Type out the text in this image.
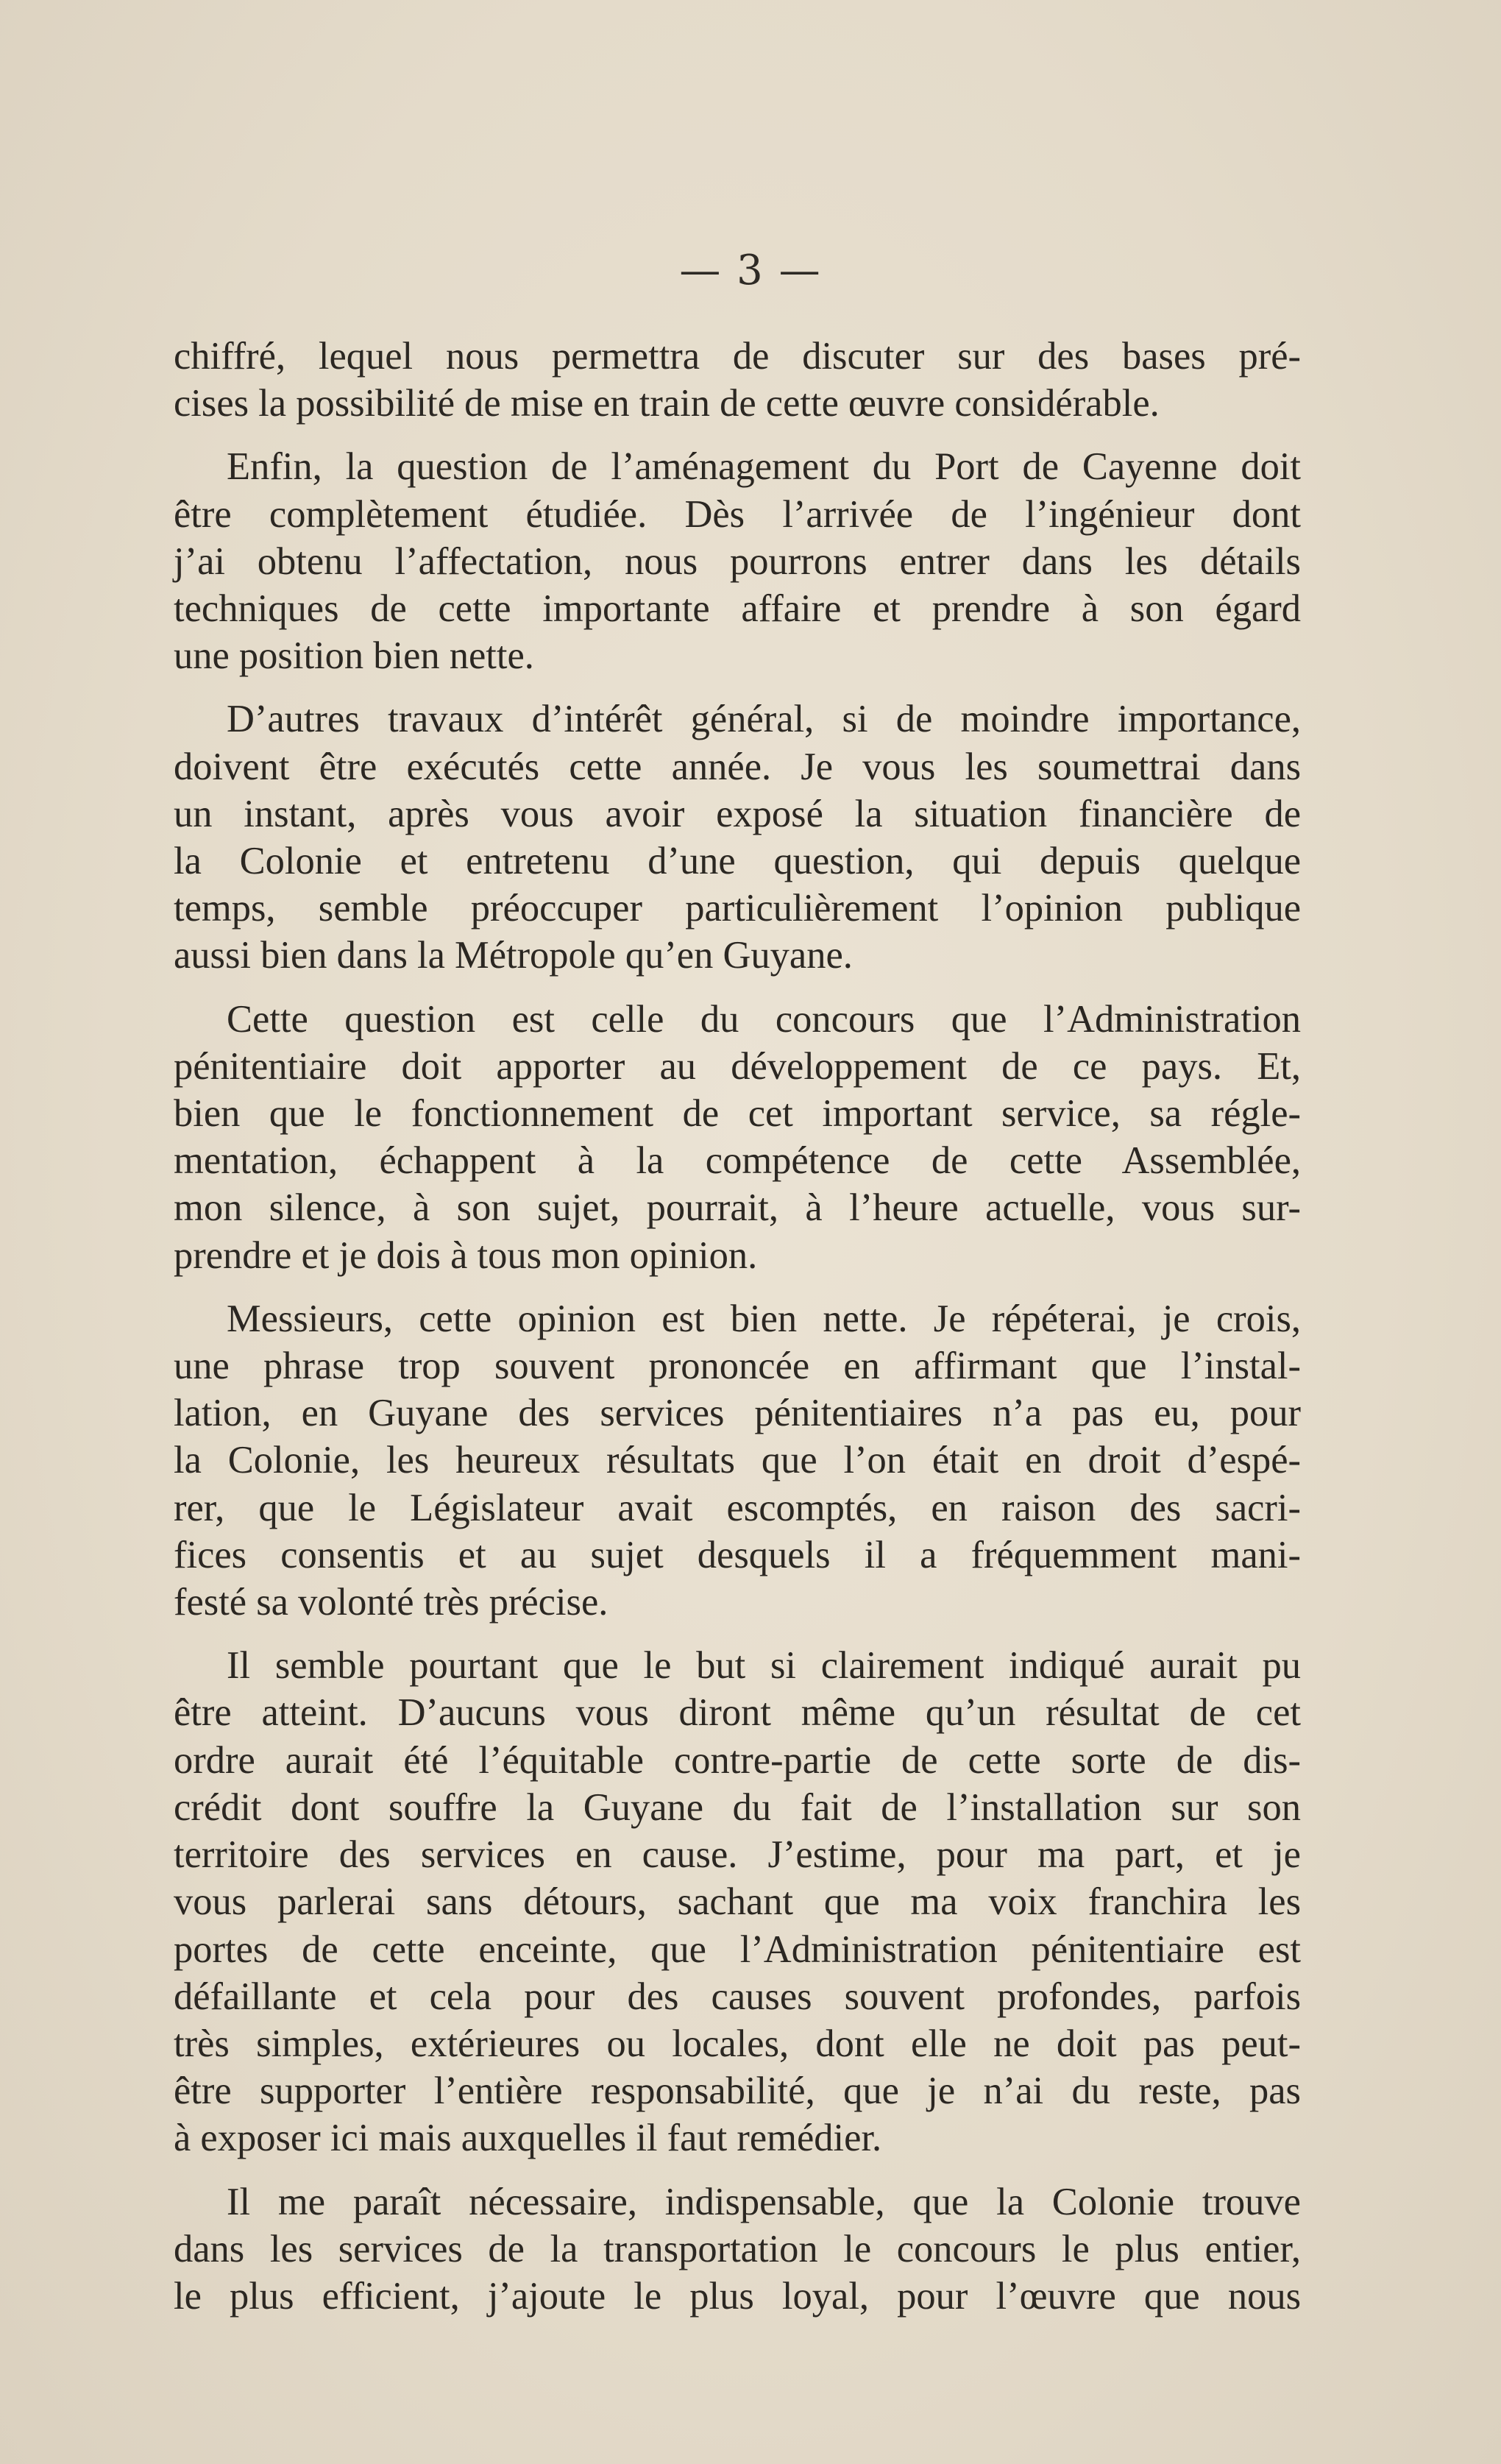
— 3 —
chiffré, lequel nous permettra de discuter sur des bases pré-
cises la possibilité de mise en train de cette œuvre considérable.
Enfin, la question de l’aménagement du Port de Cayenne doit
être complètement étudiée. Dès l’arrivée de l’ingénieur dont
j’ai obtenu l’affectation, nous pourrons entrer dans les détails
techniques de cette importante affaire et prendre à son égard
une position bien nette.
D’autres travaux d’intérêt général, si de moindre importance,
doivent être exécutés cette année. Je vous les soumettrai dans
un instant, après vous avoir exposé la situation financière de
la Colonie et entretenu d’une question, qui depuis quelque
temps, semble préoccuper particulièrement l’opinion publique
aussi bien dans la Métropole qu’en Guyane.
Cette question est celle du concours que l’Administration
pénitentiaire doit apporter au développement de ce pays. Et,
bien que le fonctionnement de cet important service, sa régle-
mentation, échappent à la compétence de cette Assemblée,
mon silence, à son sujet, pourrait, à l’heure actuelle, vous sur-
prendre et je dois à tous mon opinion.
Messieurs, cette opinion est bien nette. Je répéterai, je crois,
une phrase trop souvent prononcée en affirmant que l’instal-
lation, en Guyane des services pénitentiaires n’a pas eu, pour
la Colonie, les heureux résultats que l’on était en droit d’espé-
rer, que le Législateur avait escomptés, en raison des sacri-
fices consentis et au sujet desquels il a fréquemment mani-
festé sa volonté très précise.
Il semble pourtant que le but si clairement indiqué aurait pu
être atteint. D’aucuns vous diront même qu’un résultat de cet
ordre aurait été l’équitable contre-partie de cette sorte de dis-
crédit dont souffre la Guyane du fait de l’installation sur son
territoire des services en cause. J’estime, pour ma part, et je
vous parlerai sans détours, sachant que ma voix franchira les
portes de cette enceinte, que l’Administration pénitentiaire est
défaillante et cela pour des causes souvent profondes, parfois
très simples, extérieures ou locales, dont elle ne doit pas peut-
être supporter l’entière responsabilité, que je n’ai du reste, pas
à exposer ici mais auxquelles il faut remédier.
Il me paraît nécessaire, indispensable, que la Colonie trouve
dans les services de la transportation le concours le plus entier,
le plus efficient, j’ajoute le plus loyal, pour l’œuvre que nous
